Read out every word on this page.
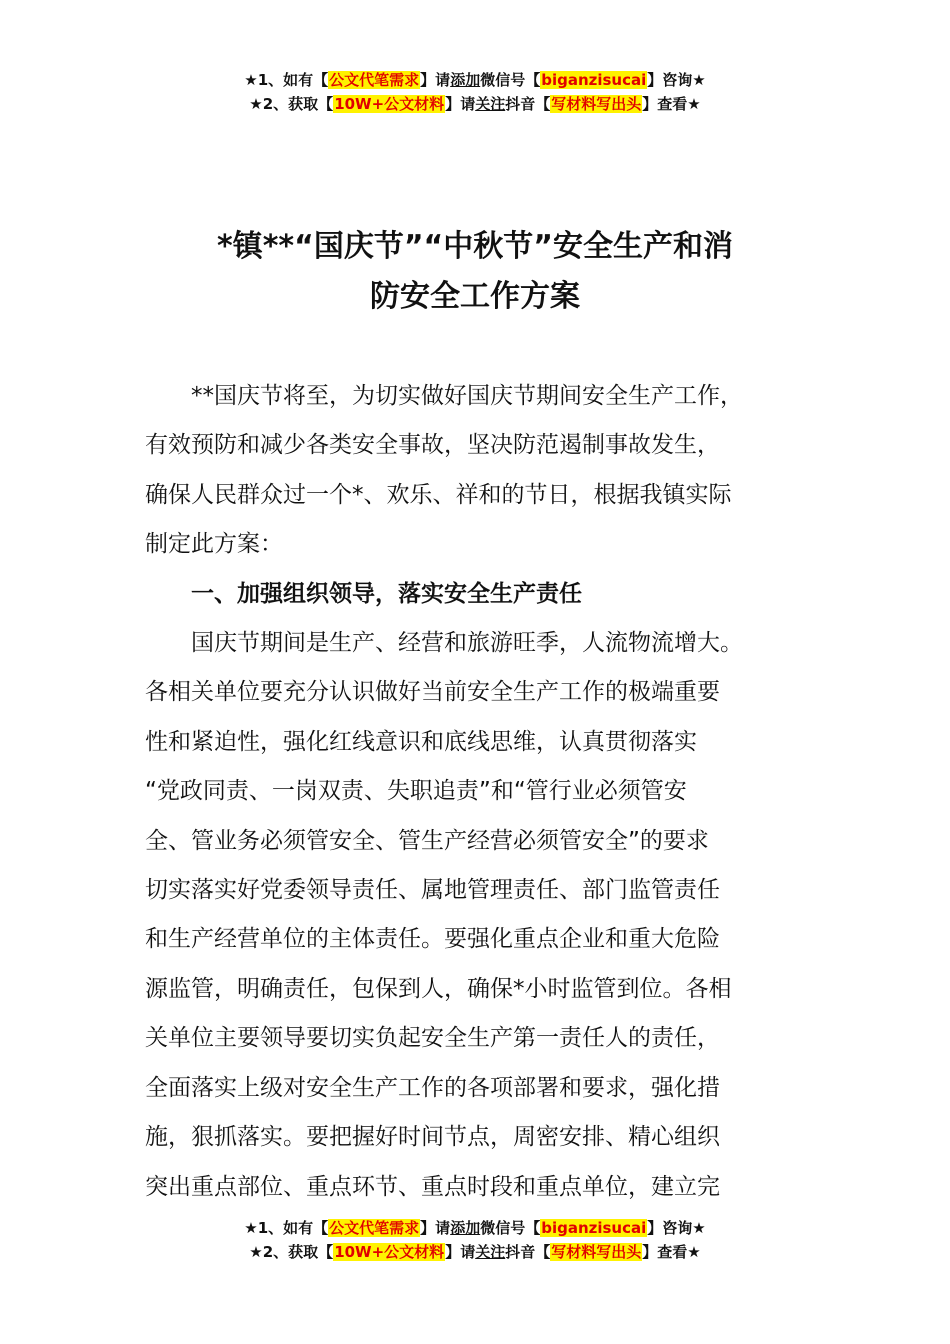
★1、如有【公文代笔需求】请添加微信号【biganzisucai】咨询★
★2、获取【10W+公文材料】请关注抖音【写材料写出头】查看★
*镇**“国庆节”“中秋节”安全生产和消
防安全工作方案

**国庆节将至，为切实做好国庆节期间安全生产工作，
有效预防和减少各类安全事故，坚决防范遏制事故发生，
确保人民群众过一个*、欢乐、祥和的节日，根据我镇实际
制定此方案：

一、加强组织领导，落实安全生产责任

国庆节期间是生产、经营和旅游旺季，人流物流增大。
各相关单位要充分认识做好当前安全生产工作的极端重要
性和紧迫性，强化红线意识和底线思维，认真贯彻落实
“党政同责、一岗双责、失职追责”和“管行业必须管安
全、管业务必须管安全、管生产经营必须管安全”的要求
切实落实好党委领导责任、属地管理责任、部门监管责任
和生产经营单位的主体责任。要强化重点企业和重大危险
源监管，明确责任，包保到人，确保*小时监管到位。各相
关单位主要领导要切实负起安全生产第一责任人的责任，
全面落实上级对安全生产工作的各项部署和要求，强化措
施，狠抓落实。要把握好时间节点，周密安排、精心组织
突出重点部位、重点环节、重点时段和重点单位，建立完

★1、如有【公文代笔需求】请添加微信号【biganzisucai】咨询★
★2、获取【10W+公文材料】请关注抖音【写材料写出头】查看★
